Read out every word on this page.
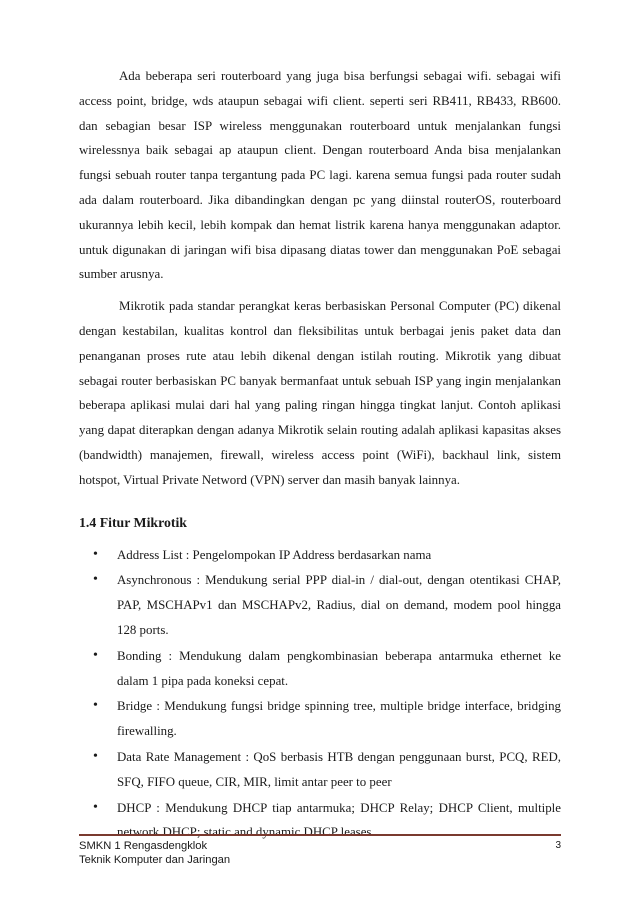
Ada beberapa seri routerboard yang juga bisa berfungsi sebagai wifi. sebagai wifi access point, bridge, wds ataupun sebagai wifi client. seperti seri RB411, RB433, RB600. dan sebagian besar ISP wireless menggunakan routerboard untuk menjalankan fungsi wirelessnya baik sebagai ap ataupun client. Dengan routerboard Anda bisa menjalankan fungsi sebuah router tanpa tergantung pada PC lagi. karena semua fungsi pada router sudah ada dalam routerboard. Jika dibandingkan dengan pc yang diinstal routerOS, routerboard ukurannya lebih kecil, lebih kompak dan hemat listrik karena hanya menggunakan adaptor. untuk digunakan di jaringan wifi bisa dipasang diatas tower dan menggunakan PoE sebagai sumber arusnya.

Mikrotik pada standar perangkat keras berbasiskan Personal Computer (PC) dikenal dengan kestabilan, kualitas kontrol dan fleksibilitas untuk berbagai jenis paket data dan penanganan proses rute atau lebih dikenal dengan istilah routing. Mikrotik yang dibuat sebagai router berbasiskan PC banyak bermanfaat untuk sebuah ISP yang ingin menjalankan beberapa aplikasi mulai dari hal yang paling ringan hingga tingkat lanjut. Contoh aplikasi yang dapat diterapkan dengan adanya Mikrotik selain routing adalah aplikasi kapasitas akses (bandwidth) manajemen, firewall, wireless access point (WiFi), backhaul link, sistem hotspot, Virtual Private Netword (VPN) server dan masih banyak lainnya.

1.4 Fitur Mikrotik
• Address List : Pengelompokan IP Address berdasarkan nama
• Asynchronous : Mendukung serial PPP dial-in / dial-out, dengan otentikasi CHAP, PAP, MSCHAPv1 dan MSCHAPv2, Radius, dial on demand, modem pool hingga 128 ports.
• Bonding : Mendukung dalam pengkombinasian beberapa antarmuka ethernet ke dalam 1 pipa pada koneksi cepat.
• Bridge : Mendukung fungsi bridge spinning tree, multiple bridge interface, bridging firewalling.
• Data Rate Management : QoS berbasis HTB dengan penggunaan burst, PCQ, RED, SFQ, FIFO queue, CIR, MIR, limit antar peer to peer
• DHCP : Mendukung DHCP tiap antarmuka; DHCP Relay; DHCP Client, multiple network DHCP; static and dynamic DHCP leases.
SMKN 1 Rengasdengklok
Teknik Komputer dan Jaringan
3
